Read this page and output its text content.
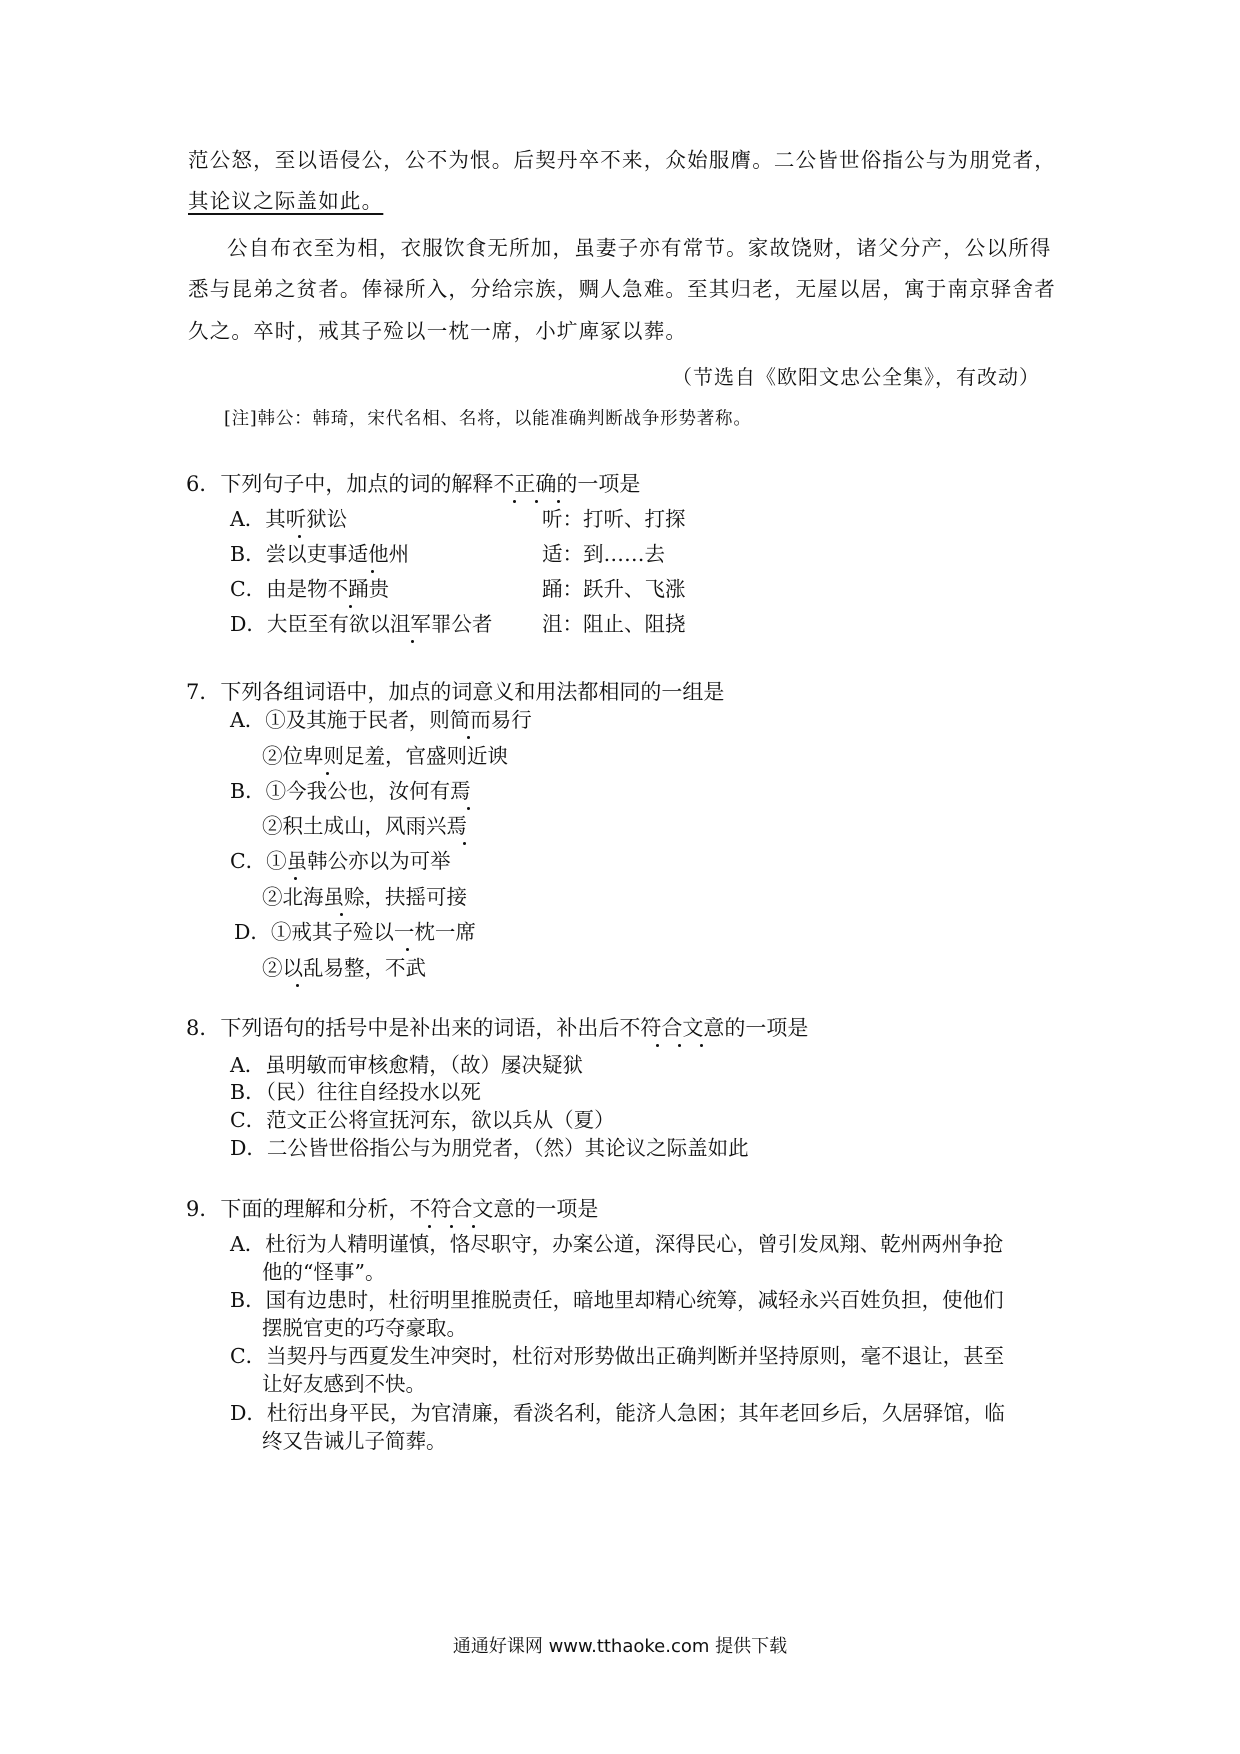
范公怒，至以语侵公，公不为恨。后契丹卒不来，众始服膺。二公皆世俗指公与为朋党者，
其论议之际盖如此。
公自布衣至为相，衣服饮食无所加，虽妻子亦有常节。家故饶财，诸父分产，公以所得
悉与昆弟之贫者。俸禄所入，分给宗族，赒人急难。至其归老，无屋以居，寓于南京驿舍者
久之。卒时，戒其子殓以一枕一席，小圹庳冢以葬。
（节选自《欧阳文忠公全集》，有改动）
[注]韩公：韩琦，宋代名相、名将，以能准确判断战争形势著称。
6．下列句子中，加点的词的解释不正确的一项是
A．其听狱讼	听：打听、打探
B．尝以吏事适他州	适：到……去
C．由是物不踊贵	踊：跃升、飞涨
D．大臣至有欲以沮军罪公者 沮：阻止、阻挠
7．下列各组词语中，加点的词意义和用法都相同的一组是
A．①及其施于民者，则简而易行
②位卑则足羞，官盛则近谀
B．①今我公也，汝何有焉
②积土成山，风雨兴焉
C．①虽韩公亦以为可举
②北海虽赊，扶摇可接
D．①戒其子殓以一枕一席
②以乱易整，不武
8．下列语句的括号中是补出来的词语，补出后不符合文意的一项是
A．虽明敏而审核愈精，（故）屡决疑狱
B．（民）往往自经投水以死
C．范文正公将宣抚河东，欲以兵从（夏）
D．二公皆世俗指公与为朋党者，（然）其论议之际盖如此
9．下面的理解和分析，不符合文意的一项是
A．杜衍为人精明谨慎，恪尽职守，办案公道，深得民心，曾引发凤翔、乾州两州争抢
他的“怪事”。
B．国有边患时，杜衍明里推脱责任，暗地里却精心统筹，减轻永兴百姓负担，使他们
摆脱官吏的巧夺豪取。
C．当契丹与西夏发生冲突时，杜衍对形势做出正确判断并坚持原则，毫不退让，甚至
让好友感到不快。
D．杜衍出身平民，为官清廉，看淡名利，能济人急困；其年老回乡后，久居驿馆，临
终又告诫儿子简葬。
通通好课网 www.tthaoke.com 提供下载
